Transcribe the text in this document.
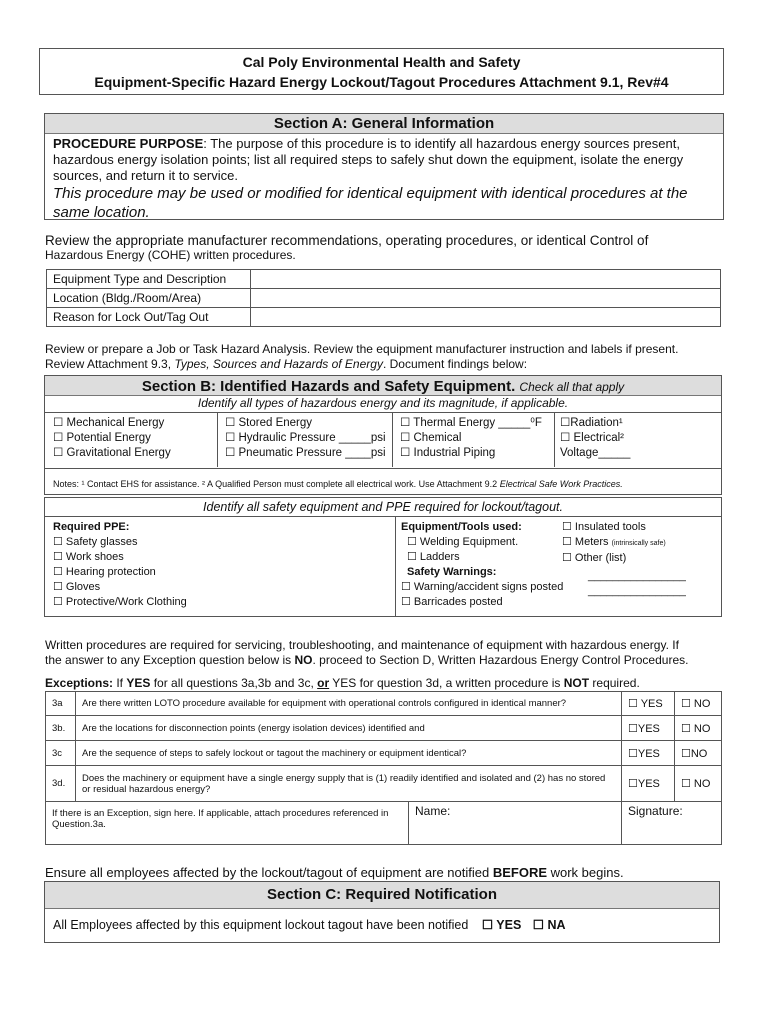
Cal Poly Environmental Health and Safety
Equipment-Specific Hazard Energy Lockout/Tagout Procedures Attachment 9.1, Rev#4
Section A: General Information
PROCEDURE PURPOSE: The purpose of this procedure is to identify all hazardous energy sources present, hazardous energy isolation points; list all required steps to safely shut down the equipment, isolate the energy sources, and return it to service.
This procedure may be used or modified for identical equipment with identical procedures at the same location.
Review the appropriate manufacturer recommendations, operating procedures, or identical Control of
Hazardous Energy (COHE) written procedures.
Equipment Type and Description	
Location (Bldg./Room/Area)	
Reason for Lock Out/Tag Out	
Review or prepare a Job or Task Hazard Analysis. Review the equipment manufacturer instruction and labels if present.
Review Attachment 9.3, Types, Sources and Hazards of Energy. Document findings below:
Section B: Identified Hazards and Safety Equipment. Check all that apply
Identify all types of hazardous energy and its magnitude, if applicable.
☐ Mechanical Energy
☐ Potential Energy
☐ Gravitational Energy
☐ Stored Energy
☐ Hydraulic Pressure _____psi
☐ Pneumatic Pressure ____psi
☐ Thermal Energy _____⁰F
☐ Chemical
☐ Industrial Piping
☐Radiation¹
☐ Electrical²
Voltage_____
Notes: ¹ Contact EHS for assistance. ² A Qualified Person must complete all electrical work. Use Attachment 9.2 Electrical Safe Work Practices.
Identify all safety equipment and PPE required for lockout/tagout.
Required PPE:
☐ Safety glasses
☐ Work shoes
☐ Hearing protection
☐ Gloves
☐ Protective/Work Clothing
Equipment/Tools used:
☐ Welding Equipment.
☐ Ladders
Safety Warnings:
☐ Warning/accident signs posted
☐ Barricades posted
☐ Insulated tools
☐ Meters (intrinsically safe)
☐ Other (list)
________________
________________
Written procedures are required for servicing, troubleshooting, and maintenance of equipment with hazardous energy. If
the answer to any Exception question below is NO. proceed to Section D, Written Hazardous Energy Control Procedures.
Exceptions: If YES for all questions 3a,3b and 3c, or YES for question 3d, a written procedure is NOT required.
3a	Are there written LOTO procedure available for equipment with operational controls configured in identical manner?		☐ YES	☐ NO
3b.	Are the locations for disconnection points (energy isolation devices) identified and		☐YES	☐ NO
3c	Are the sequence of steps to safely lockout or tagout the machinery or equipment identical?		☐YES	☐NO
3d.	Does the machinery or equipment have a single energy supply that is (1) readily identified and isolated and (2) has no stored or residual hazardous energy?		☐YES	☐ NO
If there is an Exception, sign here. If applicable, attach procedures referenced in Question.3a.		Name:	Signature:	
Ensure all employees affected by the lockout/tagout of equipment are notified BEFORE work begins.
Section C: Required Notification
All Employees affected by this equipment lockout tagout have been notified ☐ YES ☐ NA
